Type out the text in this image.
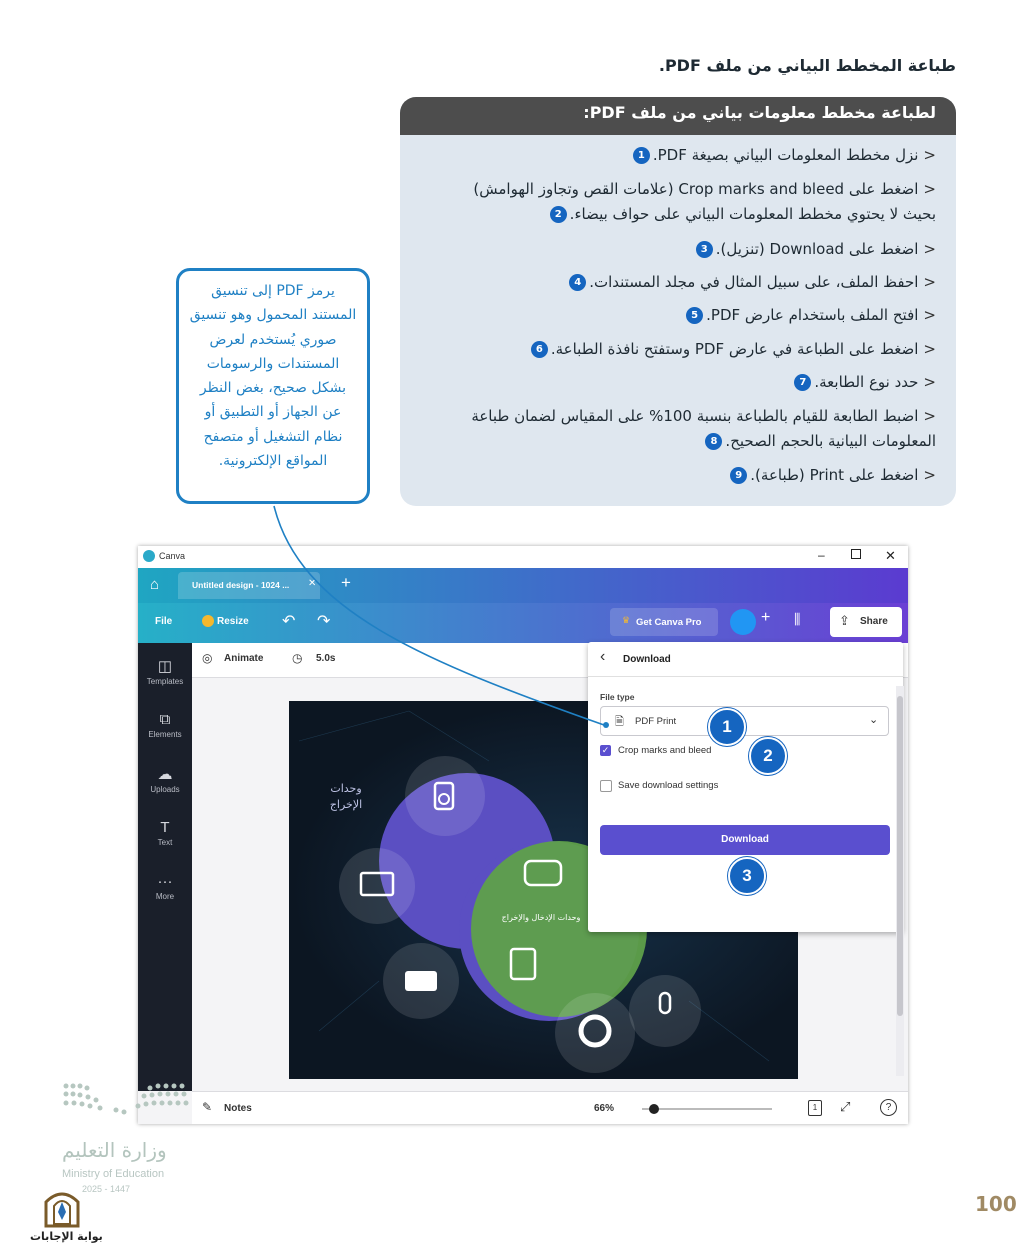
طباعة المخطط البياني من ملف PDF.
لطباعة مخطط معلومات بياني من ملف PDF:
<نزل مخطط المعلومات البياني بصيغة PDF.1
<اضغط على Crop marks and bleed (علامات القص وتجاوز الهوامش)
بحيث لا يحتوي مخطط المعلومات البياني على حواف بيضاء.2
<اضغط على Download (تنزيل).3
<احفظ الملف، على سبيل المثال في مجلد المستندات.4
<افتح الملف باستخدام عارض PDF.5
<اضغط على الطباعة في عارض PDF وستفتح نافذة الطباعة.6
<حدد نوع الطابعة.7
<اضبط الطابعة للقيام بالطباعة بنسبة 100% على المقياس لضمان طباعة
المعلومات البيانية بالحجم الصحيح.8
<اضغط على Print (طباعة).9
يرمز PDF إلى تنسيق المستند المحمول وهو تنسيق صوري يُستخدم لعرض المستندات والرسومات بشكل صحيح، بغض النظر عن الجهاز أو التطبيق أو نظام التشغيل أو متصفح المواقع الإلكترونية.
Canva	–	✕
⌂	Untitled design - 1024 ... ✕ +
File	Resize ↶ ↷	♛ Get Canva Pro	+ ⫼	⇪ Share
◫
Templates
⧉
Elements
☁
Uploads
T
Text
···
More
◎ Animate ◷ 5.0s
وحدات الإخراج
وحدات الإدخال والإخراج
‹ Download
File type
🗎 PDF Print	⌄
✓ Crop marks and bleed
Save download settings
Download
1
2
3
✎ Notes	66%	1	⤢	?
وزارة التعليم
Ministry of Education
2025 - 1447
بوابة الإجابات
100
